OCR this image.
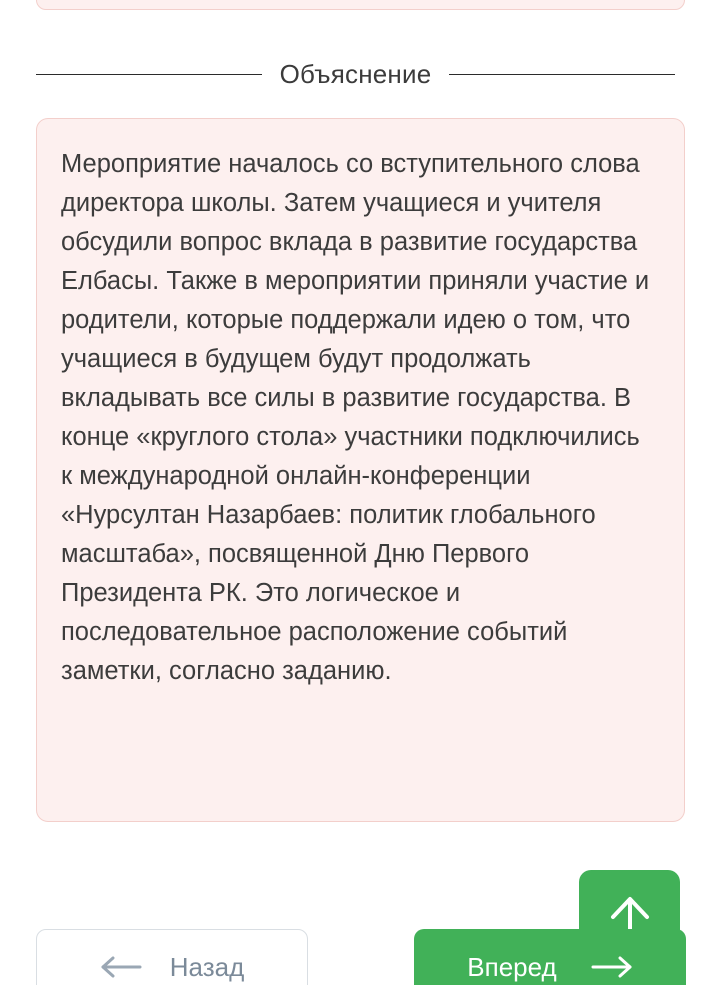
Объяснение

Мероприятие началось со вступительного слова директора школы. Затем учащиеся и учителя обсудили вопрос вклада в развитие государства Елбасы. Также в мероприятии приняли участие и родители, которые поддержали идею о том, что учащиеся в будущем будут продолжать вкладывать все силы в развитие государства. В конце «круглого стола» участники подключились к международной онлайн-конференции «Нурсултан Назарбаев: политик глобального масштаба», посвященной Дню Первого Президента РК. Это логическое и последовательное расположение событий заметки, согласно заданию.

Назад	Вперед
